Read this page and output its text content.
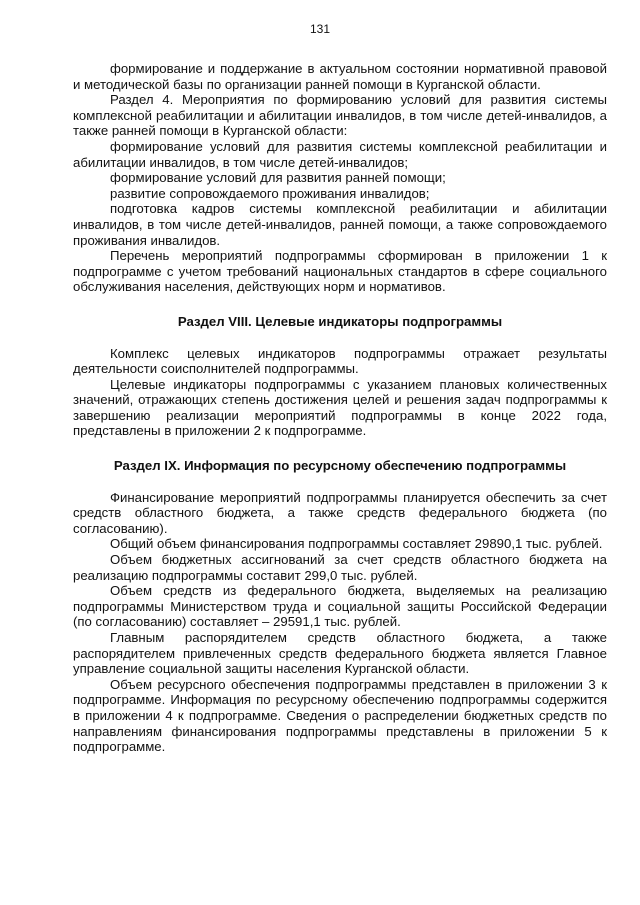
131

формирование и поддержание в актуальном состоянии нормативной правовой и методической базы по организации ранней помощи в Курганской области.

Раздел 4. Мероприятия по формированию условий для развития системы комплексной реабилитации и абилитации инвалидов, в том числе детей-инвалидов, а также ранней помощи в Курганской области:

формирование условий для развития системы комплексной реабилитации и абилитации инвалидов, в том числе детей-инвалидов;

формирование условий для развития ранней помощи;

развитие сопровождаемого проживания инвалидов;

подготовка кадров системы комплексной реабилитации и абилитации инвалидов, в том числе детей-инвалидов, ранней помощи, а также сопровождаемого проживания инвалидов.

Перечень мероприятий подпрограммы сформирован в приложении 1 к подпрограмме с учетом требований национальных стандартов в сфере социального обслуживания населения, действующих норм и нормативов.

Раздел VIII. Целевые индикаторы подпрограммы

Комплекс целевых индикаторов подпрограммы отражает результаты деятельности соисполнителей подпрограммы.

Целевые индикаторы подпрограммы с указанием плановых количественных значений, отражающих степень достижения целей и решения задач подпрограммы к завершению реализации мероприятий подпрограммы в конце 2022 года, представлены в приложении 2 к подпрограмме.

Раздел IX. Информация по ресурсному обеспечению подпрограммы

Финансирование мероприятий подпрограммы планируется обеспечить за счет средств областного бюджета, а также средств федерального бюджета (по согласованию).

Общий объем финансирования подпрограммы составляет 29890,1 тыс. рублей.

Объем бюджетных ассигнований за счет средств областного бюджета на реализацию подпрограммы составит 299,0 тыс. рублей.

Объем средств из федерального бюджета, выделяемых на реализацию подпрограммы Министерством труда и социальной защиты Российской Федерации (по согласованию) составляет – 29591,1 тыс. рублей.

Главным распорядителем средств областного бюджета, а также распорядителем привлеченных средств федерального бюджета является Главное управление социальной защиты населения Курганской области.

Объем ресурсного обеспечения подпрограммы представлен в приложении 3 к подпрограмме. Информация по ресурсному обеспечению подпрограммы содержится в приложении 4 к подпрограмме. Сведения о распределении бюджетных средств по направлениям финансирования подпрограммы представлены в приложении 5 к подпрограмме.
